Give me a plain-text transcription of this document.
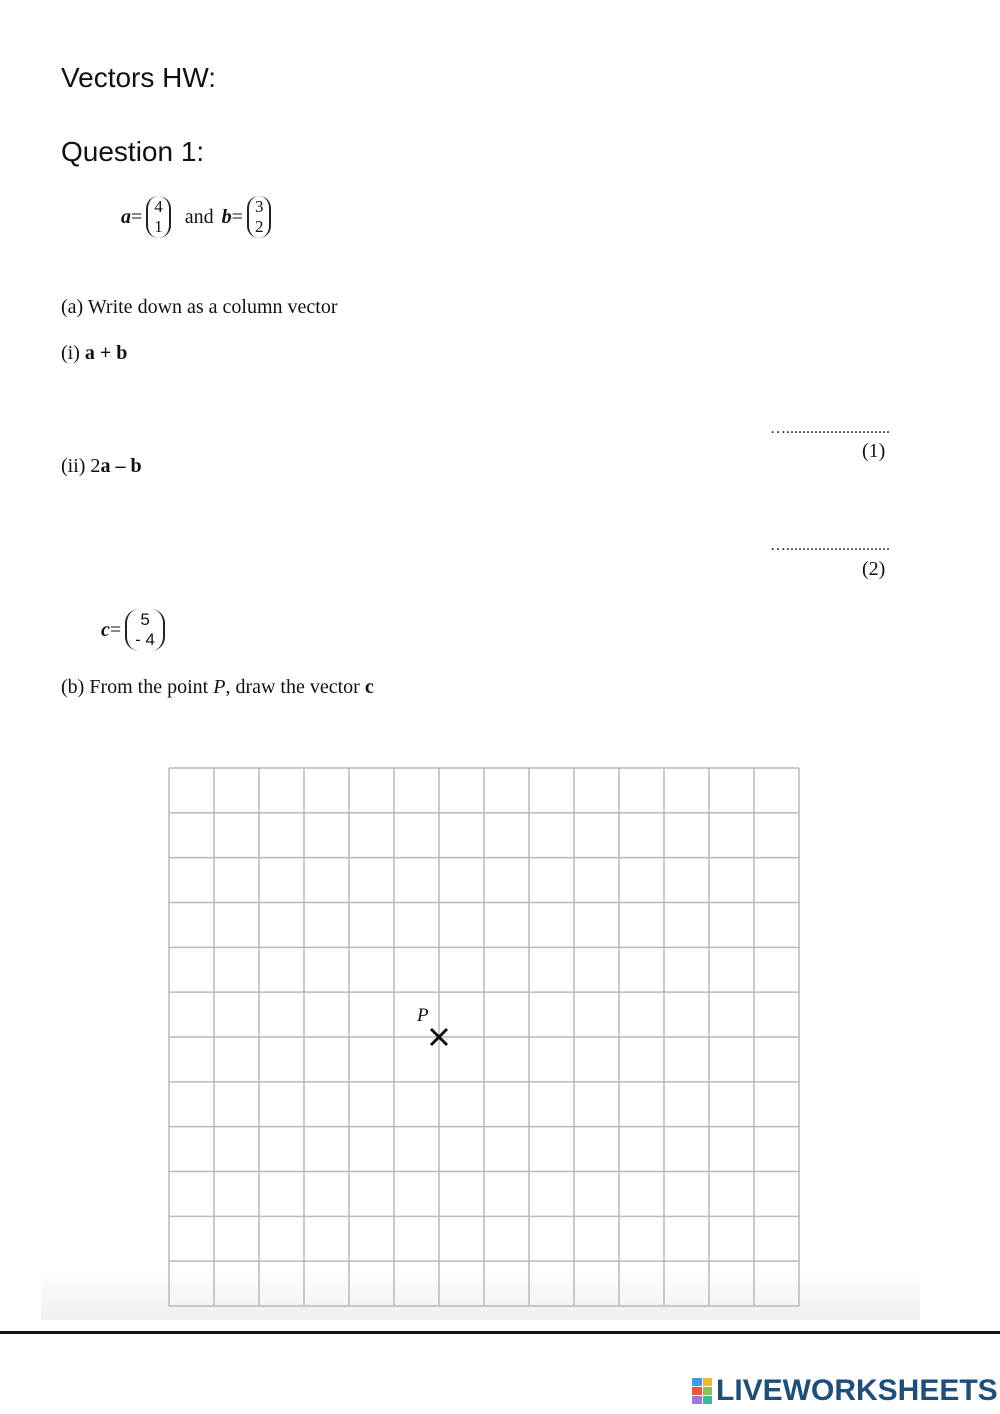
Vectors HW:
Question 1:
a = 4
1 and b = 3
2
(a) Write down as a column vector
(i) a + b
…..........................
(1)
(ii) 2a – b
…..........................
(2)
c = 5
- 4
(b) From the point P, draw the vector c
P
LIVEWORKSHEETS
